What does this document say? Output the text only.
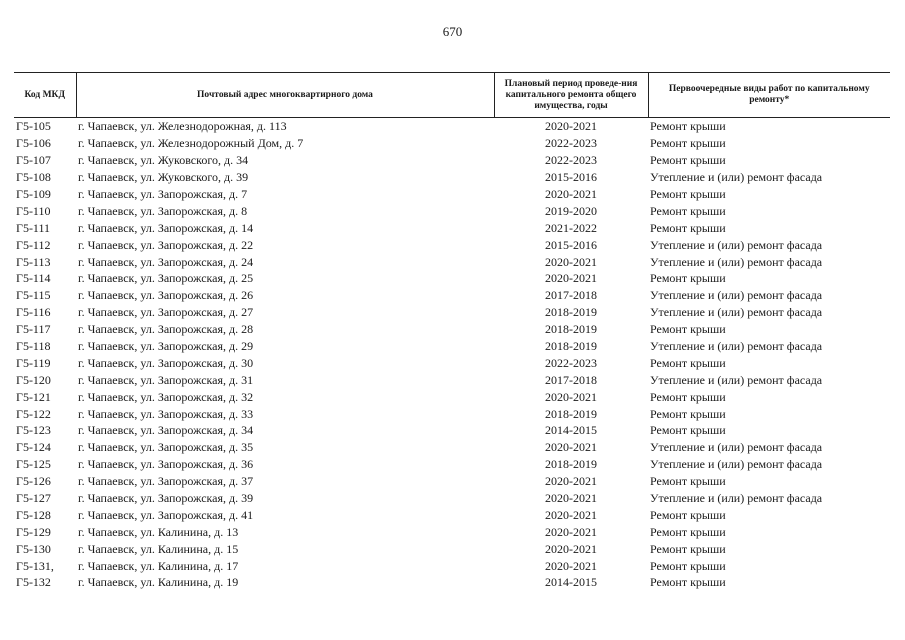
670
Код МКД	Почтовый адрес многоквартирного дома	Плановый период проведе-ния капитального ремонта общего имущества, годы	Первоочередные виды работ по капитальному ремонту*
Г5-105	г. Чапаевск, ул. Железнодорожная, д. 113	2020-2021	Ремонт крыши
Г5-106	г. Чапаевск, ул. Железнодорожный Дом, д. 7	2022-2023	Ремонт крыши
Г5-107	г. Чапаевск, ул. Жуковского, д. 34	2022-2023	Ремонт крыши
Г5-108	г. Чапаевск, ул. Жуковского, д. 39	2015-2016	Утепление и (или) ремонт фасада
Г5-109	г. Чапаевск, ул. Запорожская, д. 7	2020-2021	Ремонт крыши
Г5-110	г. Чапаевск, ул. Запорожская, д. 8	2019-2020	Ремонт крыши
Г5-111	г. Чапаевск, ул. Запорожская, д. 14	2021-2022	Ремонт крыши
Г5-112	г. Чапаевск, ул. Запорожская, д. 22	2015-2016	Утепление и (или) ремонт фасада
Г5-113	г. Чапаевск, ул. Запорожская, д. 24	2020-2021	Утепление и (или) ремонт фасада
Г5-114	г. Чапаевск, ул. Запорожская, д. 25	2020-2021	Ремонт крыши
Г5-115	г. Чапаевск, ул. Запорожская, д. 26	2017-2018	Утепление и (или) ремонт фасада
Г5-116	г. Чапаевск, ул. Запорожская, д. 27	2018-2019	Утепление и (или) ремонт фасада
Г5-117	г. Чапаевск, ул. Запорожская, д. 28	2018-2019	Ремонт крыши
Г5-118	г. Чапаевск, ул. Запорожская, д. 29	2018-2019	Утепление и (или) ремонт фасада
Г5-119	г. Чапаевск, ул. Запорожская, д. 30	2022-2023	Ремонт крыши
Г5-120	г. Чапаевск, ул. Запорожская, д. 31	2017-2018	Утепление и (или) ремонт фасада
Г5-121	г. Чапаевск, ул. Запорожская, д. 32	2020-2021	Ремонт крыши
Г5-122	г. Чапаевск, ул. Запорожская, д. 33	2018-2019	Ремонт крыши
Г5-123	г. Чапаевск, ул. Запорожская, д. 34	2014-2015	Ремонт крыши
Г5-124	г. Чапаевск, ул. Запорожская, д. 35	2020-2021	Утепление и (или) ремонт фасада
Г5-125	г. Чапаевск, ул. Запорожская, д. 36	2018-2019	Утепление и (или) ремонт фасада
Г5-126	г. Чапаевск, ул. Запорожская, д. 37	2020-2021	Ремонт крыши
Г5-127	г. Чапаевск, ул. Запорожская, д. 39	2020-2021	Утепление и (или) ремонт фасада
Г5-128	г. Чапаевск, ул. Запорожская, д. 41	2020-2021	Ремонт крыши
Г5-129	г. Чапаевск, ул. Калинина, д. 13	2020-2021	Ремонт крыши
Г5-130	г. Чапаевск, ул. Калинина, д. 15	2020-2021	Ремонт крыши
Г5-131,	г. Чапаевск, ул. Калинина, д. 17	2020-2021	Ремонт крыши
Г5-132	г. Чапаевск, ул. Калинина, д. 19	2014-2015	Ремонт крыши
